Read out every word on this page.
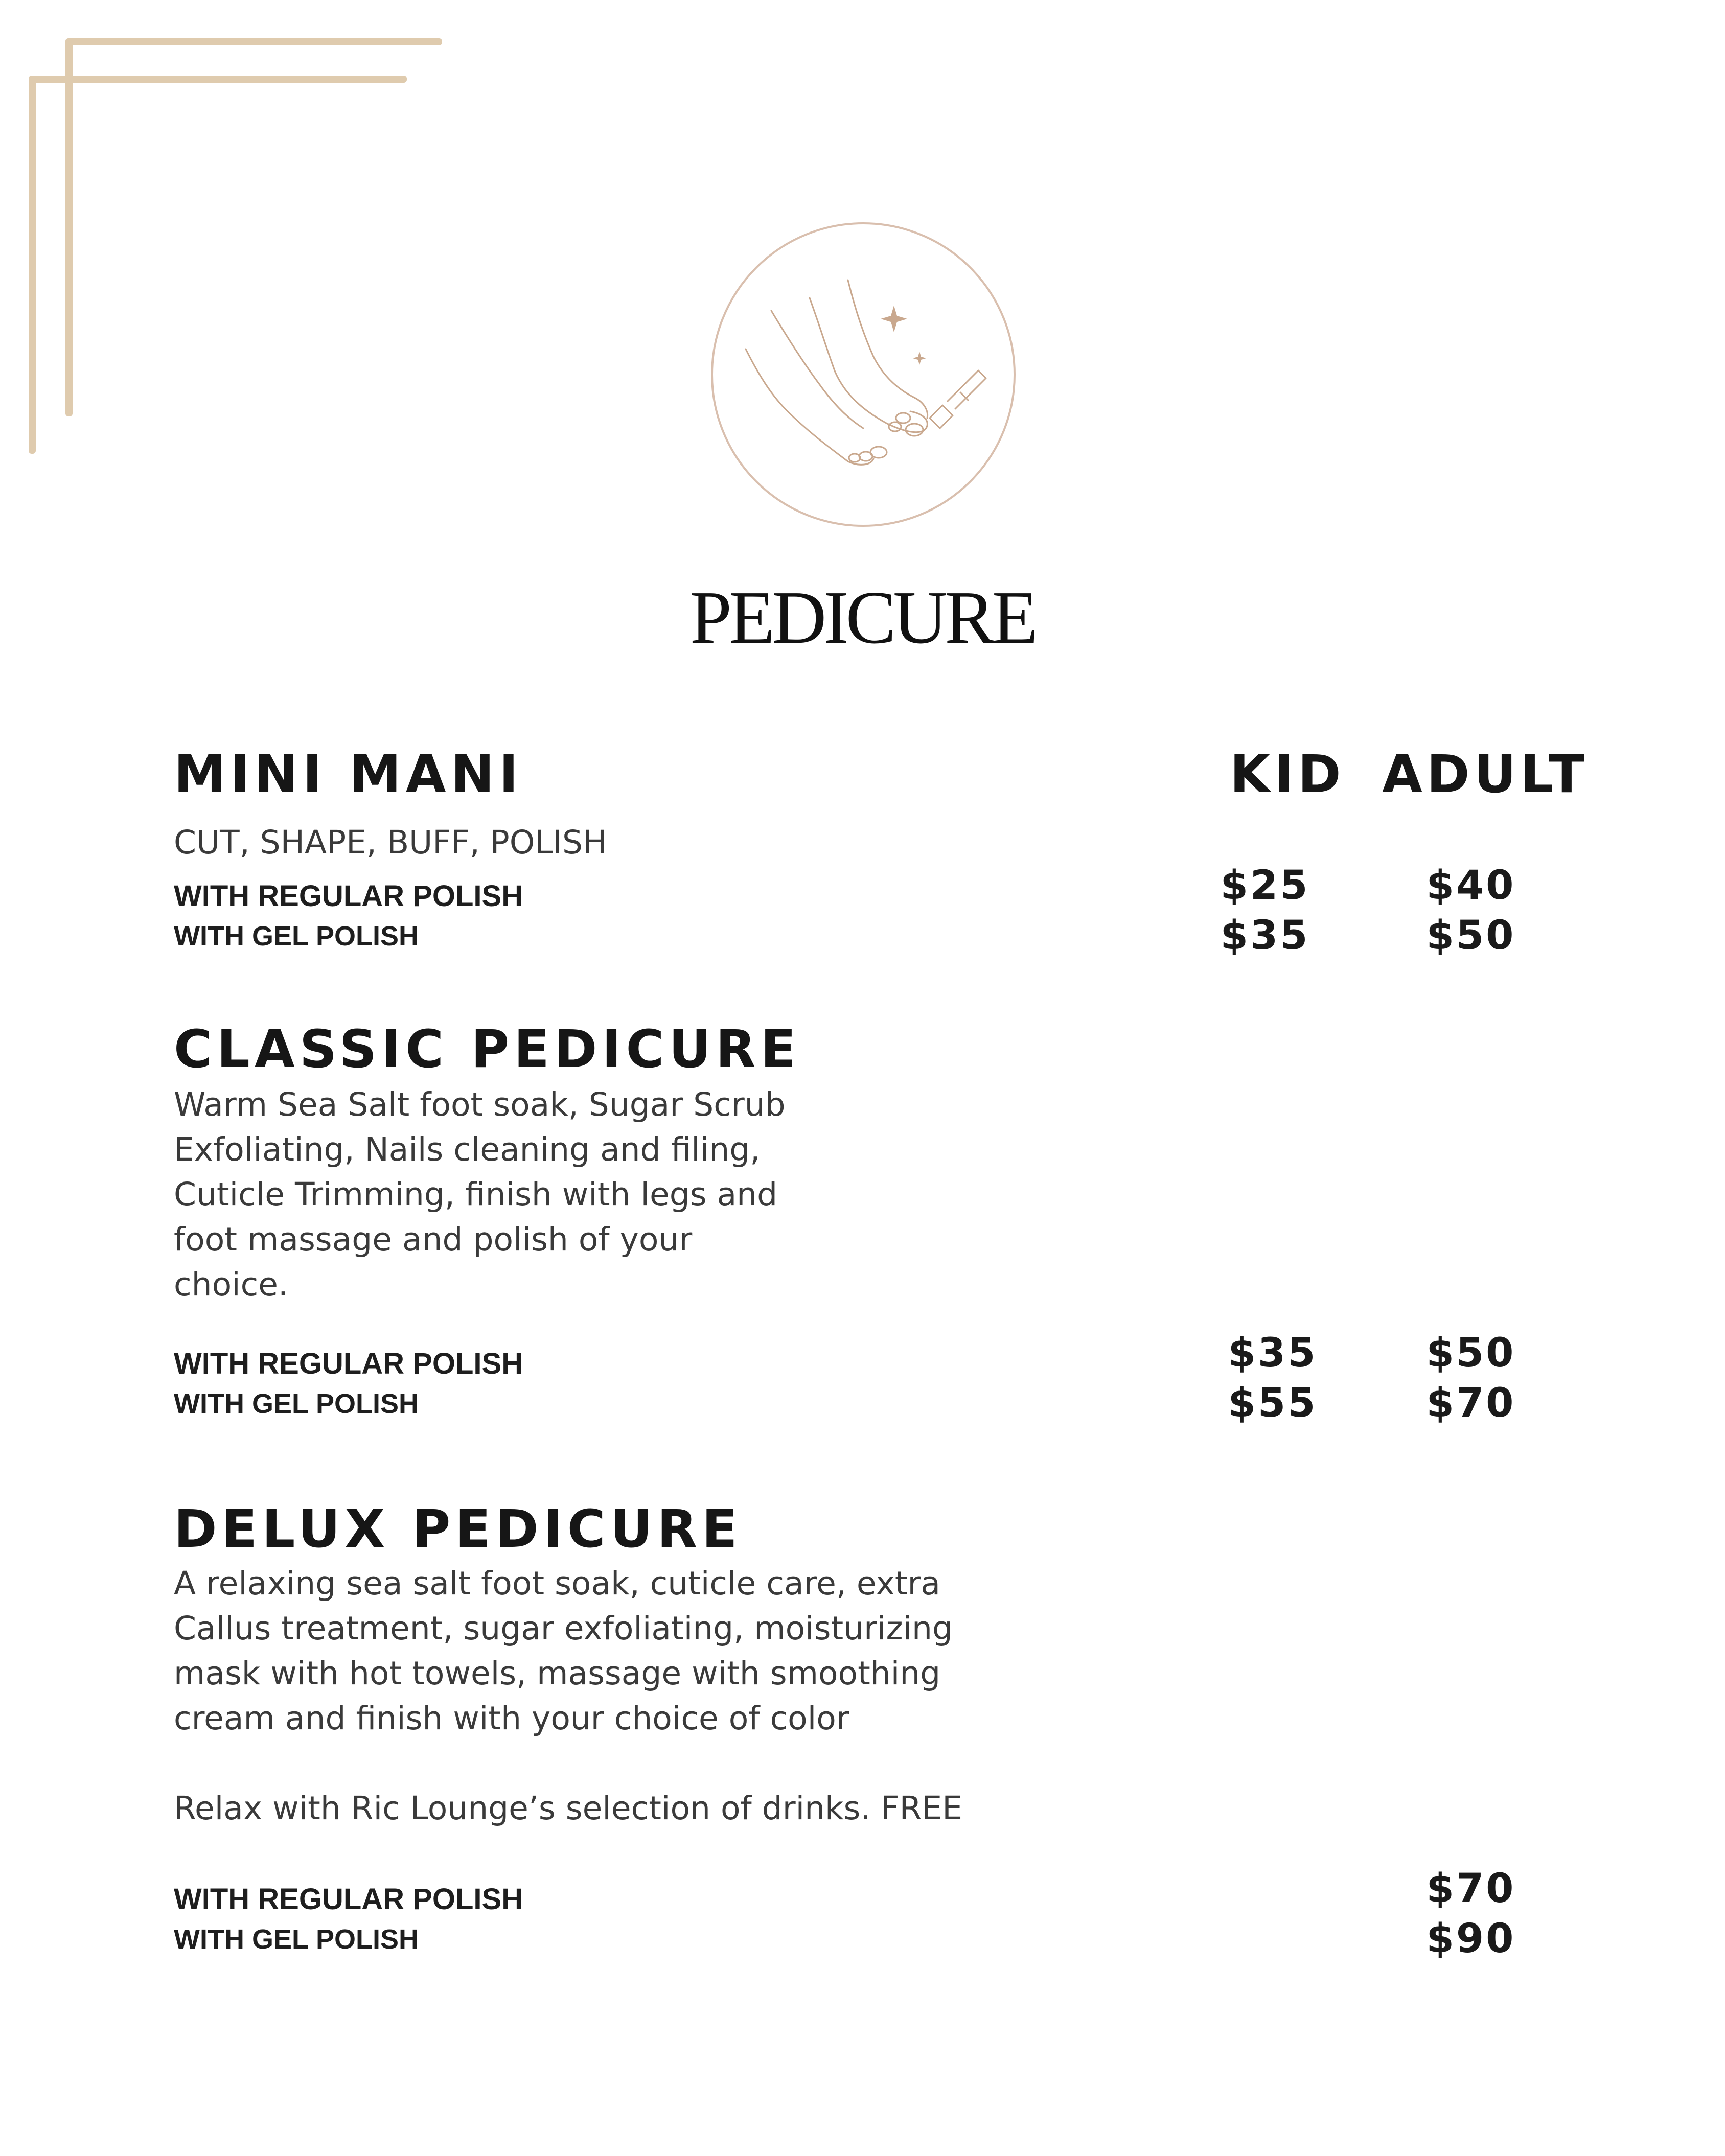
PEDICURE
KID ADULT
MINI MANI
CUT, SHAPE, BUFF, POLISH
WITH REGULAR POLISH
WITH GEL POLISH
$25
$35
$40
$50
CLASSIC PEDICURE
Warm Sea Salt foot soak, Sugar Scrub
Exfoliating, Nails cleaning and filing,
Cuticle Trimming, finish with legs and
foot massage and polish of your
choice.
WITH REGULAR POLISH
WITH GEL POLISH
$35
$55
$50
$70
DELUX PEDICURE
A relaxing sea salt foot soak, cuticle care, extra
Callus treatment, sugar exfoliating, moisturizing
mask with hot towels, massage with smoothing
cream and finish with your choice of color
Relax with Ric Lounge’s selection of drinks. FREE
WITH REGULAR POLISH
WITH GEL POLISH
$70
$90
